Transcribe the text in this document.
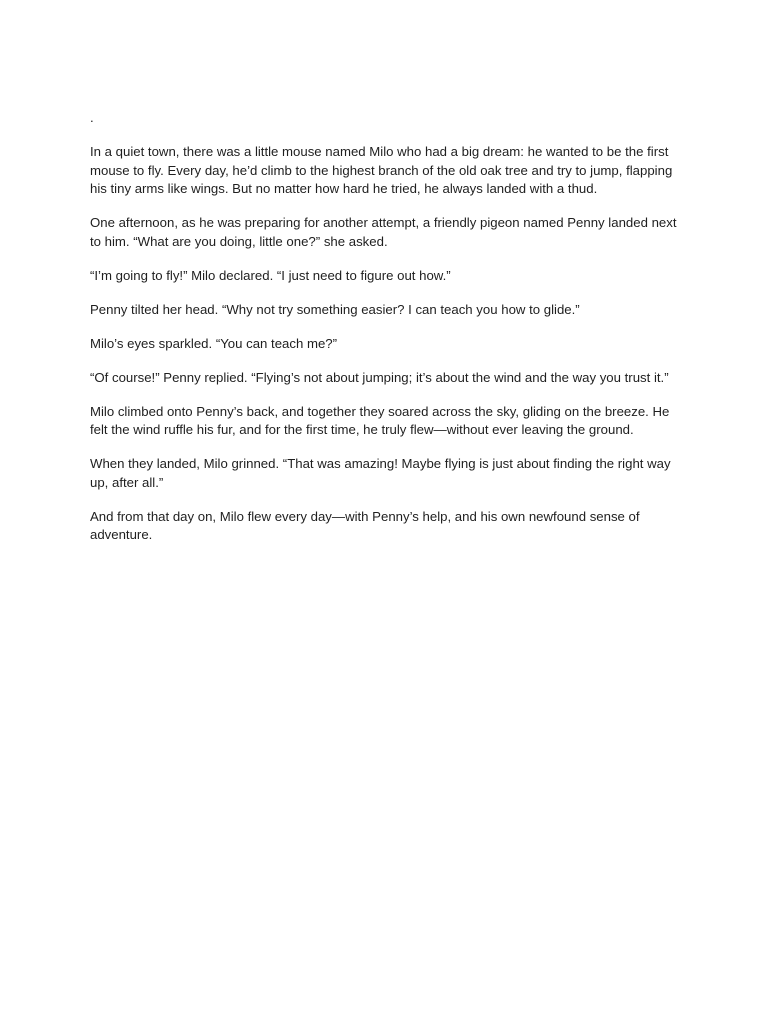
.

In a quiet town, there was a little mouse named Milo who had a big dream: he wanted to be the first mouse to fly. Every day, he’d climb to the highest branch of the old oak tree and try to jump, flapping his tiny arms like wings. But no matter how hard he tried, he always landed with a thud.

One afternoon, as he was preparing for another attempt, a friendly pigeon named Penny landed next to him. “What are you doing, little one?” she asked.

“I’m going to fly!” Milo declared. “I just need to figure out how.”

Penny tilted her head. “Why not try something easier? I can teach you how to glide.”

Milo’s eyes sparkled. “You can teach me?”

“Of course!” Penny replied. “Flying’s not about jumping; it’s about the wind and the way you trust it.”

Milo climbed onto Penny’s back, and together they soared across the sky, gliding on the breeze. He felt the wind ruffle his fur, and for the first time, he truly flew—without ever leaving the ground.

When they landed, Milo grinned. “That was amazing! Maybe flying is just about finding the right way up, after all.”

And from that day on, Milo flew every day—with Penny’s help, and his own newfound sense of adventure.
